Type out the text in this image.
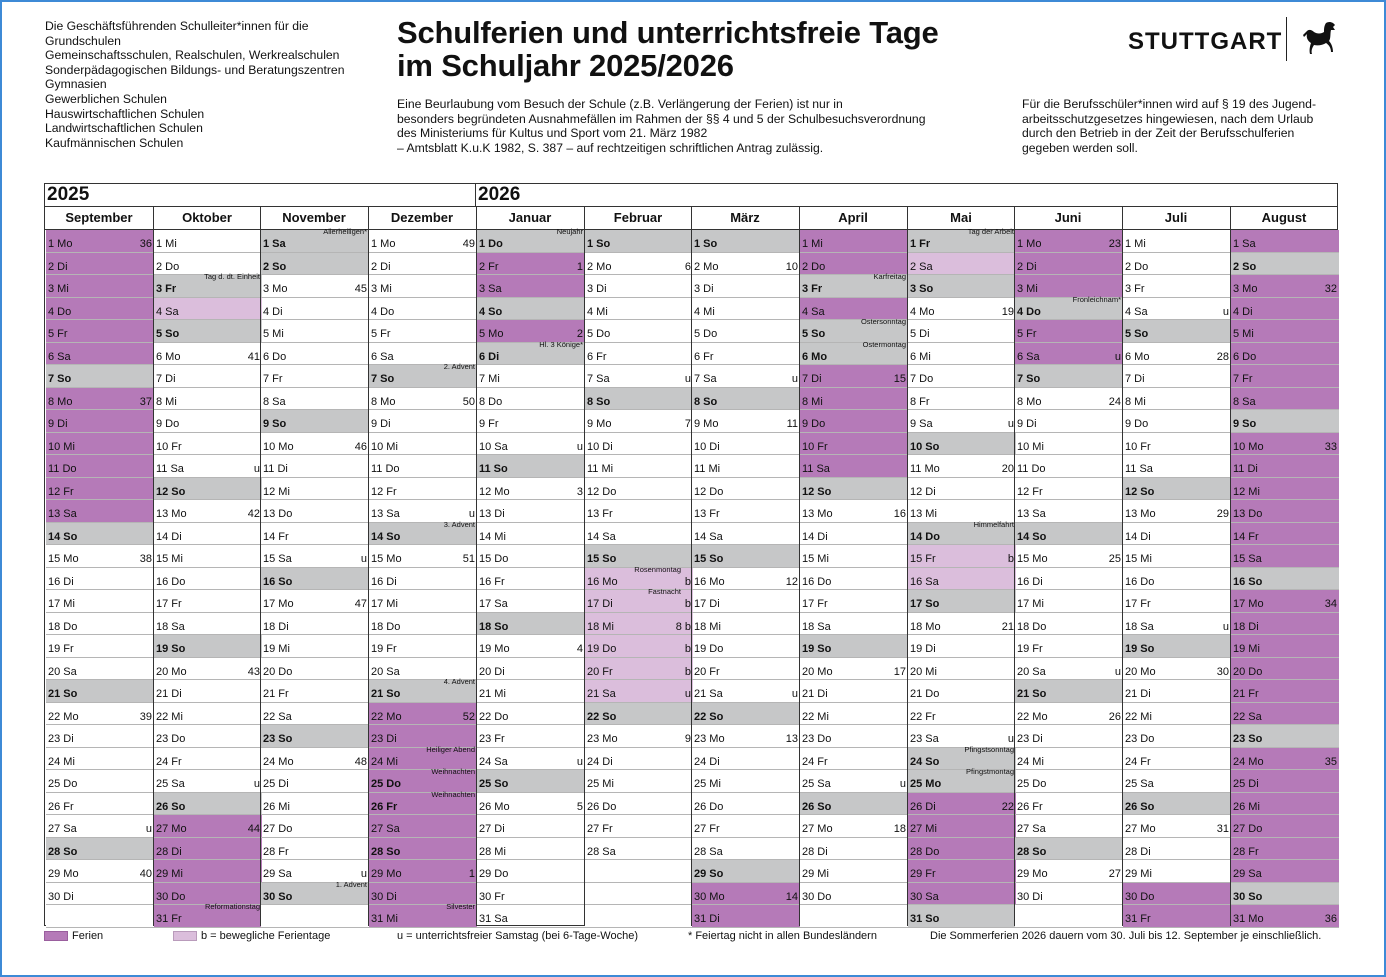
Die Geschäftsführenden Schulleiter*innen für die
Grundschulen
Gemeinschaftsschulen, Realschulen, Werkrealschulen
Sonderpädagogischen Bildungs- und Beratungszentren
Gymnasien
Gewerblichen Schulen
Hauswirtschaftlichen Schulen
Landwirtschaftlichen Schulen
Kaufmännischen Schulen
Schulferien und unterrichtsfreie Tage
im Schuljahr 2025/2026
Eine Beurlaubung vom Besuch der Schule (z.B. Verlängerung der Ferien) ist nur in
besonders begründeten Ausnahmefällen im Rahmen der §§ 4 und 5 der Schulbesuchsverordnung
des Ministeriums für Kultus und Sport vom 21. März 1982
– Amtsblatt K.u.K 1982, S. 387 – auf rechtzeitigen schriftlichen Antrag zulässig.
Für die Berufsschüler*innen wird auf § 19 des Jugend-
arbeitsschutzgesetzes hingewiesen, nach dem Urlaub
durch den Betrieb in der Zeit der Berufsschulferien
gegeben werden soll.
STUTTGART
2025	2026
September
1 Mo	36
2 Di
3 Mi
4 Do
5 Fr
6 Sa
7 So
8 Mo	37
9 Di
10 Mi
11 Do
12 Fr
13 Sa
14 So
15 Mo	38
16 Di
17 Mi
18 Do
19 Fr
20 Sa
21 So
22 Mo	39
23 Di
24 Mi
25 Do
26 Fr
27 Sa	u
28 So
29 Mo	40
30 Di
Oktober
1 Mi
2 Do
3 Fr
Tag d. dt. Einheit
4 Sa
5 So
6 Mo	41
7 Di
8 Mi
9 Do
10 Fr
11 Sa	u
12 So
13 Mo	42
14 Di
15 Mi
16 Do
17 Fr
18 Sa
19 So
20 Mo	43
21 Di
22 Mi
23 Do
24 Fr
25 Sa	u
26 So
27 Mo	44
28 Di
29 Mi
30 Do
31 Fr
Reformationstag
November
1 Sa
Allerheiligen*
2 So
3 Mo	45
4 Di
5 Mi
6 Do
7 Fr
8 Sa
9 So
10 Mo	46
11 Di
12 Mi
13 Do
14 Fr
15 Sa	u
16 So
17 Mo	47
18 Di
19 Mi
20 Do
21 Fr
22 Sa
23 So
24 Mo	48
25 Di
26 Mi
27 Do
28 Fr
29 Sa	u
30 So
1. Advent
Dezember
1 Mo	49
2 Di
3 Mi
4 Do
5 Fr
6 Sa
7 So
2. Advent
8 Mo	50
9 Di
10 Mi
11 Do
12 Fr
13 Sa	u
14 So
3. Advent
15 Mo	51
16 Di
17 Mi
18 Do
19 Fr
20 Sa
21 So
4. Advent
22 Mo	52
23 Di
24 Mi
Heiliger Abend
25 Do
Weihnachten
26 Fr
Weihnachten
27 Sa
28 So
29 Mo	1
30 Di
31 Mi
Silvester
Januar
1 Do
Neujahr
2 Fr	1
3 Sa
4 So
5 Mo	2
6 Di
Hl. 3 Könige*
7 Mi
8 Do
9 Fr
10 Sa	u
11 So
12 Mo	3
13 Di
14 Mi
15 Do
16 Fr
17 Sa
18 So
19 Mo	4
20 Di
21 Mi
22 Do
23 Fr
24 Sa	u
25 So
26 Mo	5
27 Di
28 Mi
29 Do
30 Fr
31 Sa
Februar
1 So
2 Mo	6
3 Di
4 Mi
5 Do
6 Fr
7 Sa	u
8 So
9 Mo	7
10 Di
11 Mi
12 Do
13 Fr
14 Sa
15 So
16 Mo	b
Rosenmontag
17 Di	b
Fastnacht
18 Mi	8 b
19 Do	b
20 Fr	b
21 Sa	u
22 So
23 Mo	9
24 Di
25 Mi
26 Do
27 Fr
28 Sa
März
1 So
2 Mo	10
3 Di
4 Mi
5 Do
6 Fr
7 Sa	u
8 So
9 Mo	11
10 Di
11 Mi
12 Do
13 Fr
14 Sa
15 So
16 Mo	12
17 Di
18 Mi
19 Do
20 Fr
21 Sa	u
22 So
23 Mo	13
24 Di
25 Mi
26 Do
27 Fr
28 Sa
29 So
30 Mo	14
31 Di
April
1 Mi
2 Do
3 Fr
Karfreitag
4 Sa
5 So
Ostersonntag
6 Mo
Ostermontag
7 Di	15
8 Mi
9 Do
10 Fr
11 Sa
12 So
13 Mo	16
14 Di
15 Mi
16 Do
17 Fr
18 Sa
19 So
20 Mo	17
21 Di
22 Mi
23 Do
24 Fr
25 Sa	u
26 So
27 Mo	18
28 Di
29 Mi
30 Do
Mai
1 Fr
Tag der Arbeit
2 Sa
3 So
4 Mo	19
5 Di
6 Mi
7 Do
8 Fr
9 Sa	u
10 So
11 Mo	20
12 Di
13 Mi
14 Do
Himmelfahrt
15 Fr	b
16 Sa
17 So
18 Mo	21
19 Di
20 Mi
21 Do
22 Fr
23 Sa	u
24 So
Pfingstsonntag
25 Mo
Pfingstmontag
26 Di	22
27 Mi
28 Do
29 Fr
30 Sa
31 So
Juni
1 Mo	23
2 Di
3 Mi
4 Do
Fronleichnam*
5 Fr
6 Sa	u
7 So
8 Mo	24
9 Di
10 Mi
11 Do
12 Fr
13 Sa
14 So
15 Mo	25
16 Di
17 Mi
18 Do
19 Fr
20 Sa	u
21 So
22 Mo	26
23 Di
24 Mi
25 Do
26 Fr
27 Sa
28 So
29 Mo	27
30 Di
Juli
1 Mi
2 Do
3 Fr
4 Sa	u
5 So
6 Mo	28
7 Di
8 Mi
9 Do
10 Fr
11 Sa
12 So
13 Mo	29
14 Di
15 Mi
16 Do
17 Fr
18 Sa	u
19 So
20 Mo	30
21 Di
22 Mi
23 Do
24 Fr
25 Sa
26 So
27 Mo	31
28 Di
29 Mi
30 Do
31 Fr
August
1 Sa
2 So
3 Mo	32
4 Di
5 Mi
6 Do
7 Fr
8 Sa
9 So
10 Mo	33
11 Di
12 Mi
13 Do
14 Fr
15 Sa
16 So
17 Mo	34
18 Di
19 Mi
20 Do
21 Fr
22 Sa
23 So
24 Mo	35
25 Di
26 Mi
27 Do
28 Fr
29 Sa
30 So
31 Mo	36
Ferien	b = bewegliche Ferientage	u = unterrichtsfreier Samstag (bei 6-Tage-Woche)	* Feiertag nicht in allen Bundesländern	Die Sommerferien 2026 dauern vom 30. Juli bis 12. September je einschließlich.
